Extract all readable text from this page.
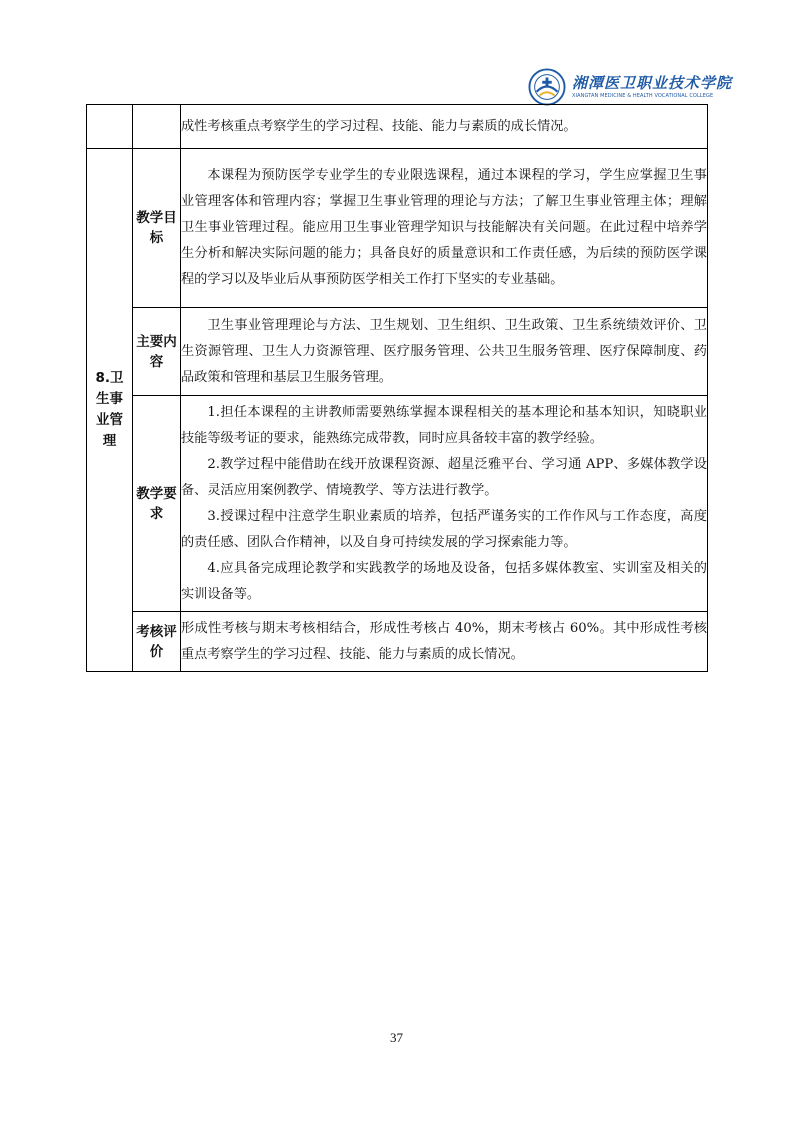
湘潭医卫职业技术学院
XIANGTAN MEDICINE & HEALTH VOCATIONAL COLLEGE

		成性考核重点考察学生的学习过程、技能、能力与素质的成长情况。

8.卫生事业管理	教学目标	本课程为预防医学专业学生的专业限选课程，通过本课程的学习，学生应掌握卫生事业管理客体和管理内容；掌握卫生事业管理的理论与方法；了解卫生事业管理主体；理解卫生事业管理过程。能应用卫生事业管理学知识与技能解决有关问题。在此过程中培养学生分析和解决实际问题的能力；具备良好的质量意识和工作责任感，为后续的预防医学课程的学习以及毕业后从事预防医学相关工作打下坚实的专业基础。

	主要内容	卫生事业管理理论与方法、卫生规划、卫生组织、卫生政策、卫生系统绩效评价、卫生资源管理、卫生人力资源管理、医疗服务管理、公共卫生服务管理、医疗保障制度、药品政策和管理和基层卫生服务管理。

	教学要求	1.担任本课程的主讲教师需要熟练掌握本课程相关的基本理论和基本知识，知晓职业技能等级考证的要求，能熟练完成带教，同时应具备较丰富的教学经验。

2.教学过程中能借助在线开放课程资源、超星泛雅平台、学习通 APP、多媒体教学设备、灵活应用案例教学、情境教学、等方法进行教学。

3.授课过程中注意学生职业素质的培养，包括严谨务实的工作作风与工作态度，高度的责任感、团队合作精神，以及自身可持续发展的学习探索能力等。

4.应具备完成理论教学和实践教学的场地及设备，包括多媒体教室、实训室及相关的实训设备等。

	考核评价	形成性考核与期末考核相结合，形成性考核占 40%，期末考核占 60%。其中形成性考核重点考察学生的学习过程、技能、能力与素质的成长情况。

37
